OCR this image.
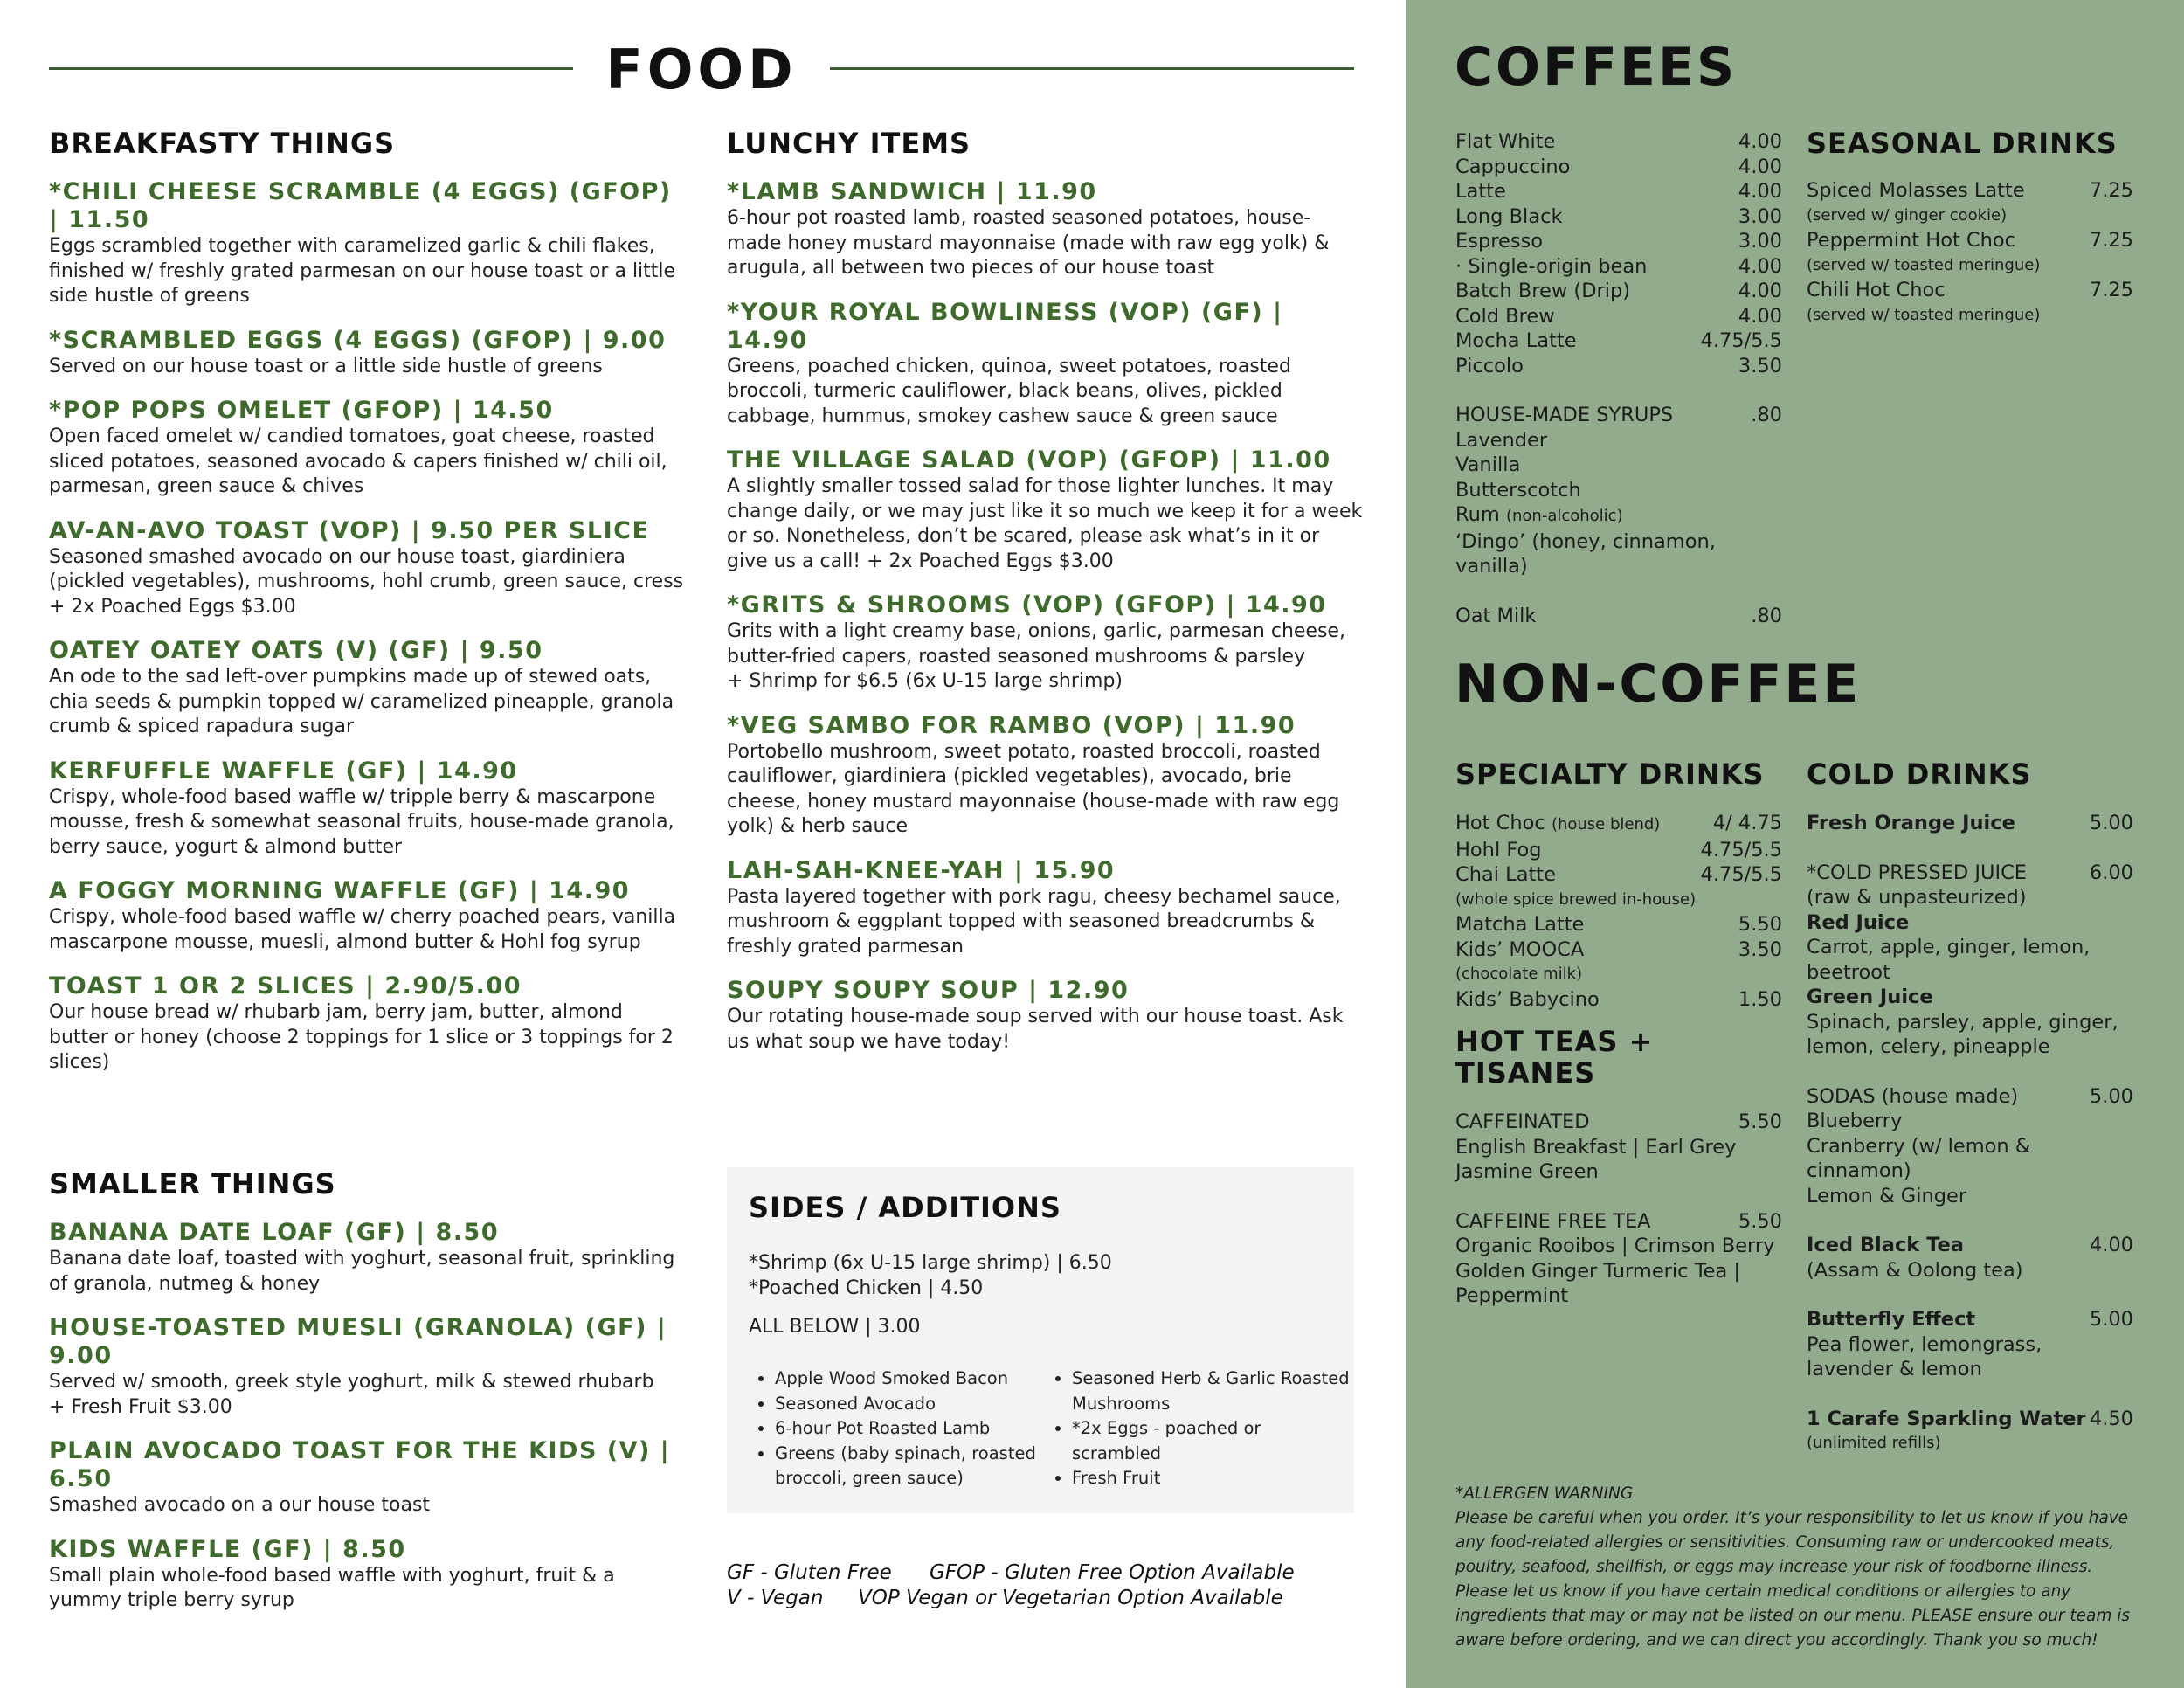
FOOD
BREAKFASTY THINGS
*CHILI CHEESE SCRAMBLE (4 EGGS) (GFOP) | 11.50
Eggs scrambled together with caramelized garlic & chili flakes, finished w/ freshly grated parmesan on our house toast or a little side hustle of greens
*SCRAMBLED EGGS (4 EGGS) (GFOP) | 9.00
Served on our house toast or a little side hustle of greens
*POP POPS OMELET (GFOP) | 14.50
Open faced omelet w/ candied tomatoes, goat cheese, roasted sliced potatoes, seasoned avocado & capers finished w/ chili oil, parmesan, green sauce & chives
AV-AN-AVO TOAST (VOP) | 9.50 PER SLICE
Seasoned smashed avocado on our house toast, giardiniera (pickled vegetables), mushrooms, hohl crumb, green sauce, cress
+ 2x Poached Eggs $3.00
OATEY OATEY OATS (V) (GF) | 9.50
An ode to the sad left-over pumpkins made up of stewed oats, chia seeds & pumpkin topped w/ caramelized pineapple, granola crumb & spiced rapadura sugar
KERFUFFLE WAFFLE (GF) | 14.90
Crispy, whole-food based waffle w/ tripple berry & mascarpone mousse, fresh & somewhat seasonal fruits, house-made granola, berry sauce, yogurt & almond butter
A FOGGY MORNING WAFFLE (GF) | 14.90
Crispy, whole-food based waffle w/ cherry poached pears, vanilla mascarpone mousse, muesli, almond butter & Hohl fog syrup
TOAST 1 OR 2 SLICES | 2.90/5.00
Our house bread w/ rhubarb jam, berry jam, butter, almond butter or honey (choose 2 toppings for 1 slice or 3 toppings for 2 slices)
SMALLER THINGS
BANANA DATE LOAF (GF) | 8.50
Banana date loaf, toasted with yoghurt, seasonal fruit, sprinkling of granola, nutmeg & honey
HOUSE-TOASTED MUESLI (GRANOLA) (GF) | 9.00
Served w/ smooth, greek style yoghurt, milk & stewed rhubarb
+ Fresh Fruit $3.00
PLAIN AVOCADO TOAST FOR THE KIDS (V) | 6.50
Smashed avocado on a our house toast
KIDS WAFFLE (GF) | 8.50
Small plain whole-food based waffle with yoghurt, fruit & a yummy triple berry syrup
LUNCHY ITEMS
*LAMB SANDWICH | 11.90
6-hour pot roasted lamb, roasted seasoned potatoes, house-made honey mustard mayonnaise (made with raw egg yolk) & arugula, all between two pieces of our house toast
*YOUR ROYAL BOWLINESS (VOP) (GF) | 14.90
Greens, poached chicken, quinoa, sweet potatoes, roasted broccoli, turmeric cauliflower, black beans, olives, pickled cabbage, hummus, smokey cashew sauce & green sauce
THE VILLAGE SALAD (VOP) (GFOP) | 11.00
A slightly smaller tossed salad for those lighter lunches. It may change daily, or we may just like it so much we keep it for a week or so. Nonetheless, don’t be scared, please ask what’s in it or give us a call! + 2x Poached Eggs $3.00
*GRITS & SHROOMS (VOP) (GFOP) | 14.90
Grits with a light creamy base, onions, garlic, parmesan cheese, butter-fried capers, roasted seasoned mushrooms & parsley
+ Shrimp for $6.5 (6x U-15 large shrimp)
*VEG SAMBO FOR RAMBO (VOP) | 11.90
Portobello mushroom, sweet potato, roasted broccoli, roasted cauliflower, giardiniera (pickled vegetables), avocado, brie cheese, honey mustard mayonnaise (house-made with raw egg yolk) & herb sauce
LAH-SAH-KNEE-YAH | 15.90
Pasta layered together with pork ragu, cheesy bechamel sauce, mushroom & eggplant topped with seasoned breadcrumbs & freshly grated parmesan
SOUPY SOUPY SOUP | 12.90
Our rotating house-made soup served with our house toast. Ask us what soup we have today!
SIDES / ADDITIONS
*Shrimp (6x U-15 large shrimp) | 6.50
*Poached Chicken | 4.50
ALL BELOW | 3.00
• Apple Wood Smoked Bacon
• Seasoned Avocado
• 6-hour Pot Roasted Lamb
• Greens (baby spinach, roasted broccoli, green sauce)
• Seasoned Herb & Garlic Roasted Mushrooms
• *2x Eggs - poached or scrambled
• Fresh Fruit
GF - Gluten Free GFOP - Gluten Free Option Available
V - Vegan VOP Vegan or Vegetarian Option Available
COFFEES
Flat White	4.00
Cappuccino	4.00
Latte	4.00
Long Black	3.00
Espresso	3.00
· Single-origin bean	4.00
Batch Brew (Drip)	4.00
Cold Brew	4.00
Mocha Latte	4.75/5.5
Piccolo	3.50
HOUSE-MADE SYRUPS	.80
Lavender
Vanilla
Butterscotch
Rum (non-alcoholic)
‘Dingo’ (honey, cinnamon, vanilla)
Oat Milk	.80
SEASONAL DRINKS
Spiced Molasses Latte	7.25
(served w/ ginger cookie)
Peppermint Hot Choc	7.25
(served w/ toasted meringue)
Chili Hot Choc	7.25
(served w/ toasted meringue)
NON-COFFEE
SPECIALTY DRINKS
Hot Choc (house blend)	4/ 4.75
Hohl Fog	4.75/5.5
Chai Latte	4.75/5.5
(whole spice brewed in-house)
Matcha Latte	5.50
Kids’ MOOCA	3.50
(chocolate milk)
Kids’ Babycino	1.50
HOT TEAS + TISANES
CAFFEINATED	5.50
English Breakfast | Earl Grey
Jasmine Green
CAFFEINE FREE TEA	5.50
Organic Rooibos | Crimson Berry
Golden Ginger Turmeric Tea |
Peppermint
COLD DRINKS
Fresh Orange Juice	5.00
*COLD PRESSED JUICE	6.00
(raw & unpasteurized)
Red Juice
Carrot, apple, ginger, lemon, beetroot
Green Juice
Spinach, parsley, apple, ginger, lemon, celery, pineapple
SODAS (house made)	5.00
Blueberry
Cranberry (w/ lemon & cinnamon)
Lemon & Ginger
Iced Black Tea	4.00
(Assam & Oolong tea)
Butterfly Effect	5.00
Pea flower, lemongrass, lavender & lemon
1 Carafe Sparkling Water 4.50
(unlimited refills)
*ALLERGEN WARNING
Please be careful when you order. It’s your responsibility to let us know if you have any food-related allergies or sensitivities. Consuming raw or undercooked meats, poultry, seafood, shellfish, or eggs may increase your risk of foodborne illness. Please let us know if you have certain medical conditions or allergies to any ingredients that may or may not be listed on our menu. PLEASE ensure our team is aware before ordering, and we can direct you accordingly. Thank you so much!
